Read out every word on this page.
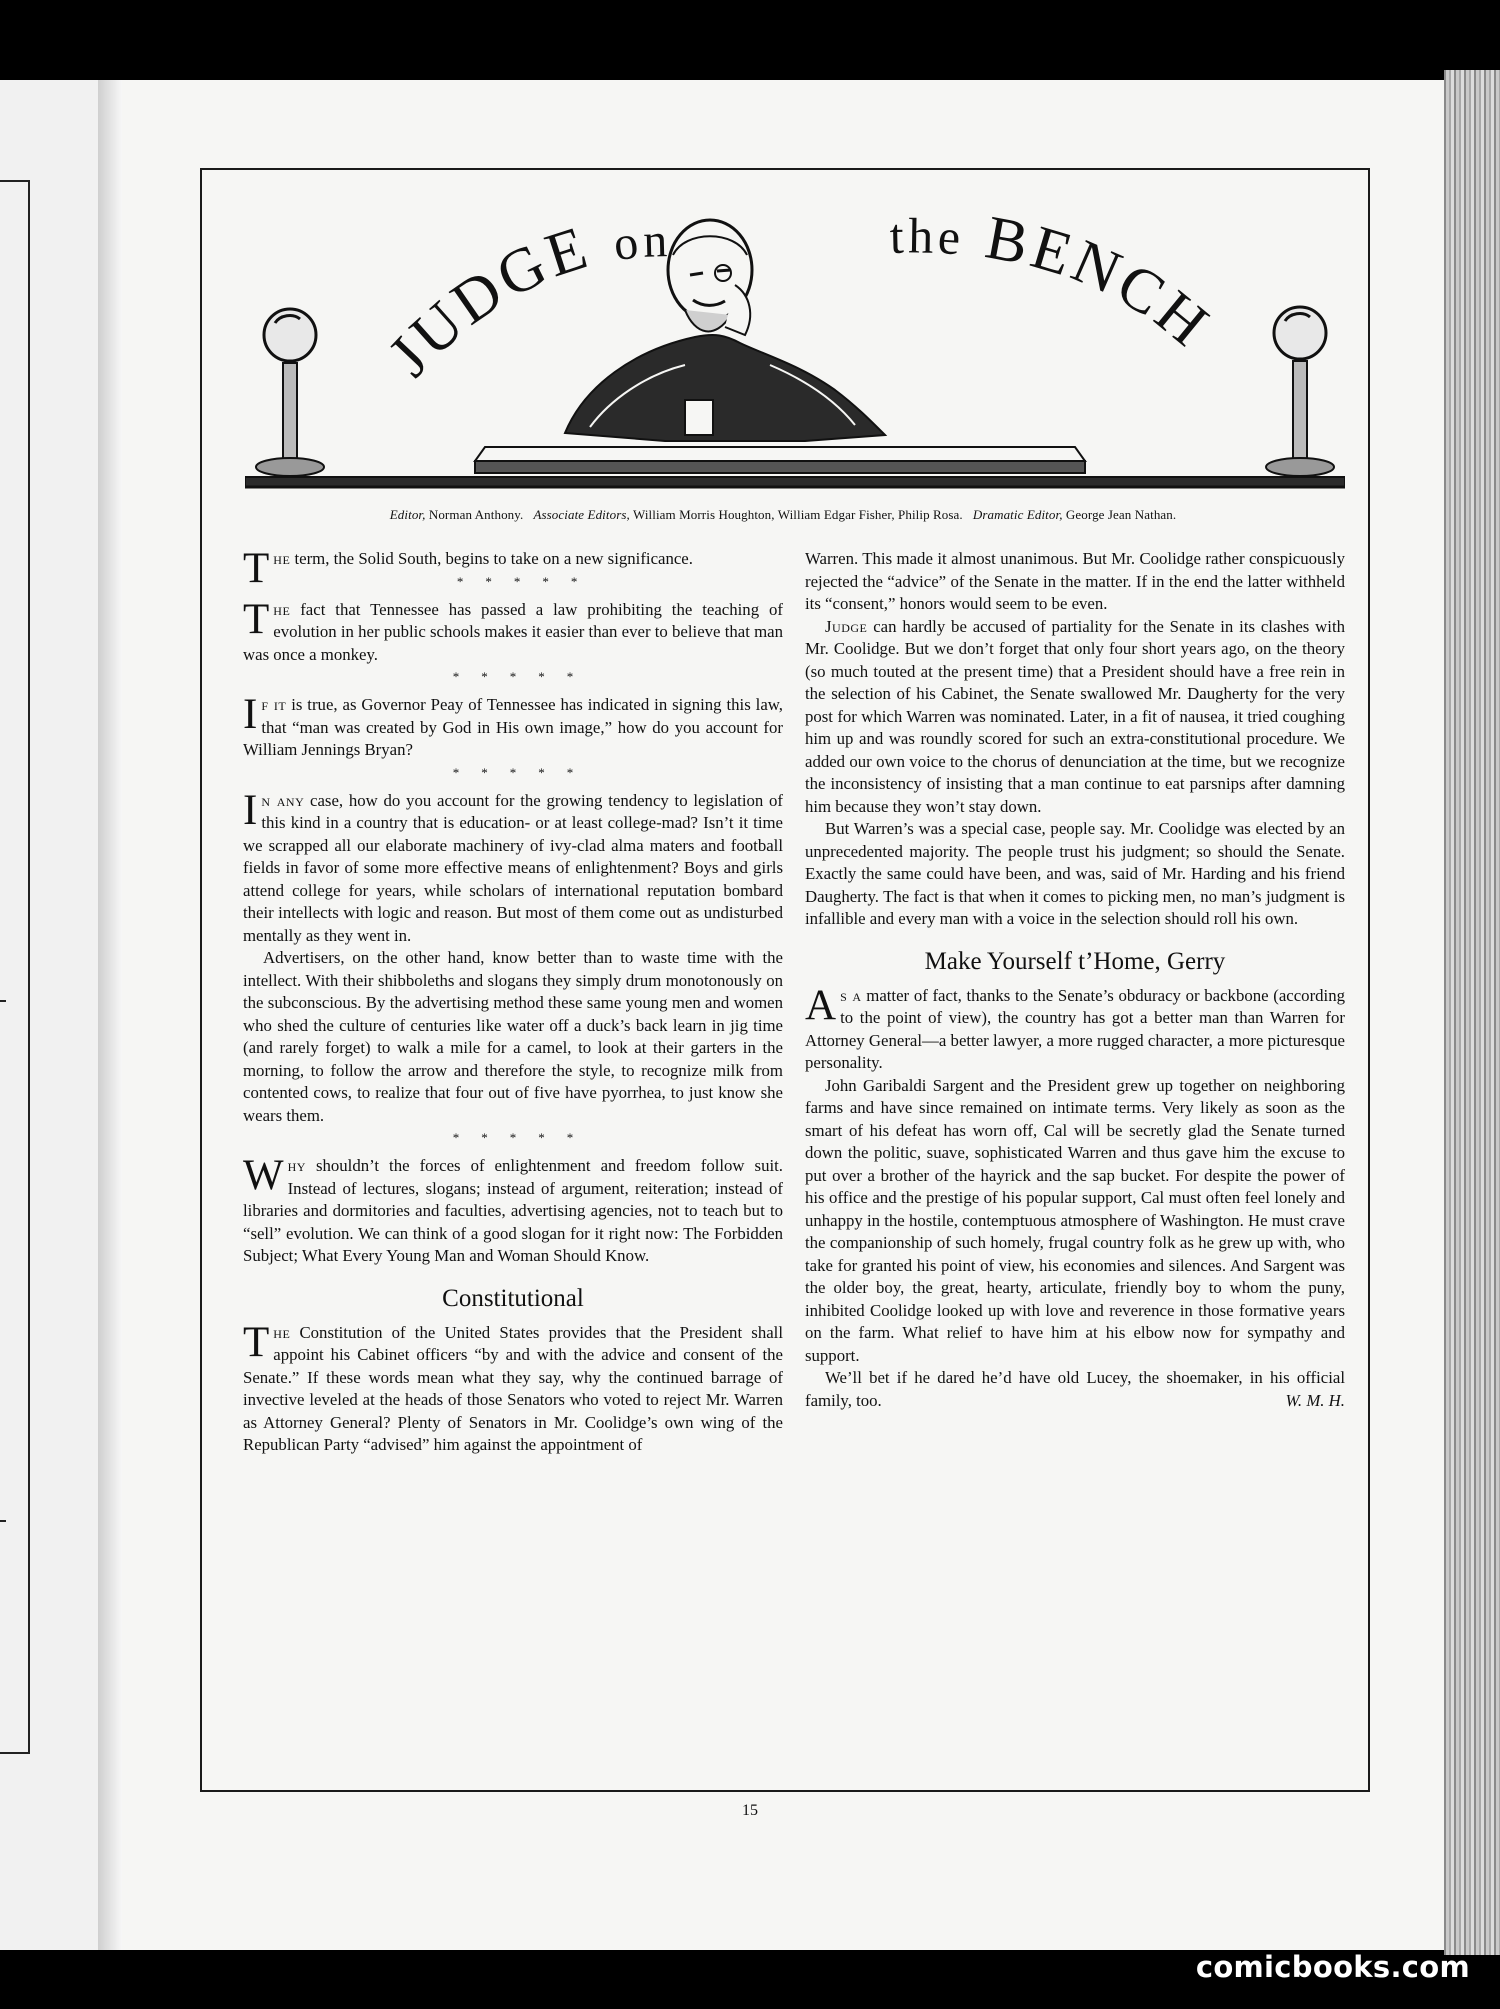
JUDGE on	the BENCH
Editor, Norman Anthony. Associate Editors, William Morris Houghton, William Edgar Fisher, Philip Rosa. Dramatic Editor, George Jean Nathan.

The term, the Solid South, begins to take on a new significance.

*****

The fact that Tennessee has passed a law prohibiting the teaching of evolution in her public schools makes it easier than ever to believe that man was once a monkey.

*****

If it is true, as Governor Peay of Tennessee has indicated in signing this law, that “man was created by God in His own image,” how do you account for William Jennings Bryan?

*****

In any case, how do you account for the growing tendency to legislation of this kind in a country that is education- or at least college-mad? Isn’t it time we scrapped all our elaborate machinery of ivy-clad alma maters and football fields in favor of some more effective means of enlightenment? Boys and girls attend college for years, while scholars of international reputation bombard their intellects with logic and reason. But most of them come out as undisturbed mentally as they went in.

Advertisers, on the other hand, know better than to waste time with the intellect. With their shibboleths and slogans they simply drum monotonously on the subconscious. By the advertising method these same young men and women who shed the culture of centuries like water off a duck’s back learn in jig time (and rarely forget) to walk a mile for a camel, to look at their garters in the morning, to follow the arrow and therefore the style, to recognize milk from contented cows, to realize that four out of five have pyorrhea, to just know she wears them.

*****

Why shouldn’t the forces of enlightenment and freedom follow suit. Instead of lectures, slogans; instead of argument, reiteration; instead of libraries and dormitories and faculties, advertising agencies, not to teach but to “sell” evolution. We can think of a good slogan for it right now: The Forbidden Subject; What Every Young Man and Woman Should Know.

Constitutional

The Constitution of the United States provides that the President shall appoint his Cabinet officers “by and with the advice and consent of the Senate.” If these words mean what they say, why the continued barrage of invective leveled at the heads of those Senators who voted to reject Mr. Warren as Attorney General? Plenty of Senators in Mr. Coolidge’s own wing of the Republican Party “advised” him against the appointment of

Warren. This made it almost unanimous. But Mr. Coolidge rather conspicuously rejected the “advice” of the Senate in the matter. If in the end the latter withheld its “consent,” honors would seem to be even.

Judge can hardly be accused of partiality for the Senate in its clashes with Mr. Coolidge. But we don’t forget that only four short years ago, on the theory (so much touted at the present time) that a President should have a free rein in the selection of his Cabinet, the Senate swallowed Mr. Daugherty for the very post for which Warren was nominated. Later, in a fit of nausea, it tried coughing him up and was roundly scored for such an extra-constitutional procedure. We added our own voice to the chorus of denunciation at the time, but we recognize the inconsistency of insisting that a man continue to eat parsnips after damning him because they won’t stay down.

But Warren’s was a special case, people say. Mr. Coolidge was elected by an unprecedented majority. The people trust his judgment; so should the Senate. Exactly the same could have been, and was, said of Mr. Harding and his friend Daugherty. The fact is that when it comes to picking men, no man’s judgment is infallible and every man with a voice in the selection should roll his own.

Make Yourself t’Home, Gerry

As a matter of fact, thanks to the Senate’s obduracy or backbone (according to the point of view), the country has got a better man than Warren for Attorney General—a better lawyer, a more rugged character, a more picturesque personality.

John Garibaldi Sargent and the President grew up together on neighboring farms and have since remained on intimate terms. Very likely as soon as the smart of his defeat has worn off, Cal will be secretly glad the Senate turned down the politic, suave, sophisticated Warren and thus gave him the excuse to put over a brother of the hayrick and the sap bucket. For despite the power of his office and the prestige of his popular support, Cal must often feel lonely and unhappy in the hostile, contemptuous atmosphere of Washington. He must crave the companionship of such homely, frugal country folk as he grew up with, who take for granted his point of view, his economies and silences. And Sargent was the older boy, the great, hearty, articulate, friendly boy to whom the puny, inhibited Coolidge looked up with love and reverence in those formative years on the farm. What relief to have him at his elbow now for sympathy and support.

We’ll bet if he dared he’d have old Lucey, the shoemaker, in his official family, too.	W. M. H.

15
comicbooks.com
